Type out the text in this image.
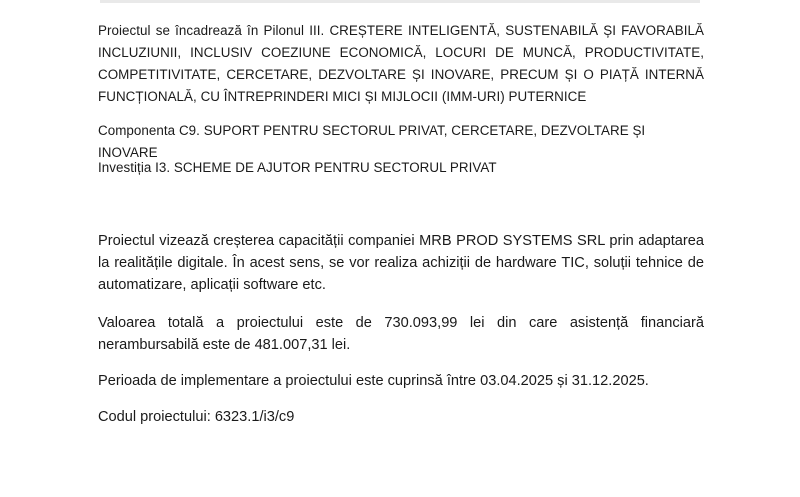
Proiectul se încadrează în Pilonul III. CREȘTERE INTELIGENTĂ, SUSTENABILĂ ȘI FAVORABILĂ INCLUZIUNII, INCLUSIV COEZIUNE ECONOMICĂ, LOCURI DE MUNCĂ, PRODUCTIVITATE, COMPETITIVITATE, CERCETARE, DEZVOLTARE ȘI INOVARE, PRECUM ȘI O PIAȚĂ INTERNĂ FUNCȚIONALĂ, CU ÎNTREPRINDERI MICI ȘI MIJLOCII (IMM-URI) PUTERNICE

Componenta C9. SUPORT PENTRU SECTORUL PRIVAT, CERCETARE, DEZVOLTARE ȘI INOVARE

Investiția I3. SCHEME DE AJUTOR PENTRU SECTORUL PRIVAT

Proiectul vizează creșterea capacității companiei MRB PROD SYSTEMS SRL prin adaptarea la realitățile digitale. În acest sens, se vor realiza achiziții de hardware TIC, soluții tehnice de automatizare, aplicații software etc.

Valoarea totală a proiectului este de 730.093,99 lei din care asistență financiară nerambursabilă este de 481.007,31 lei.

Perioada de implementare a proiectului este cuprinsă între 03.04.2025 și 31.12.2025.

Codul proiectului: 6323.1/i3/c9
